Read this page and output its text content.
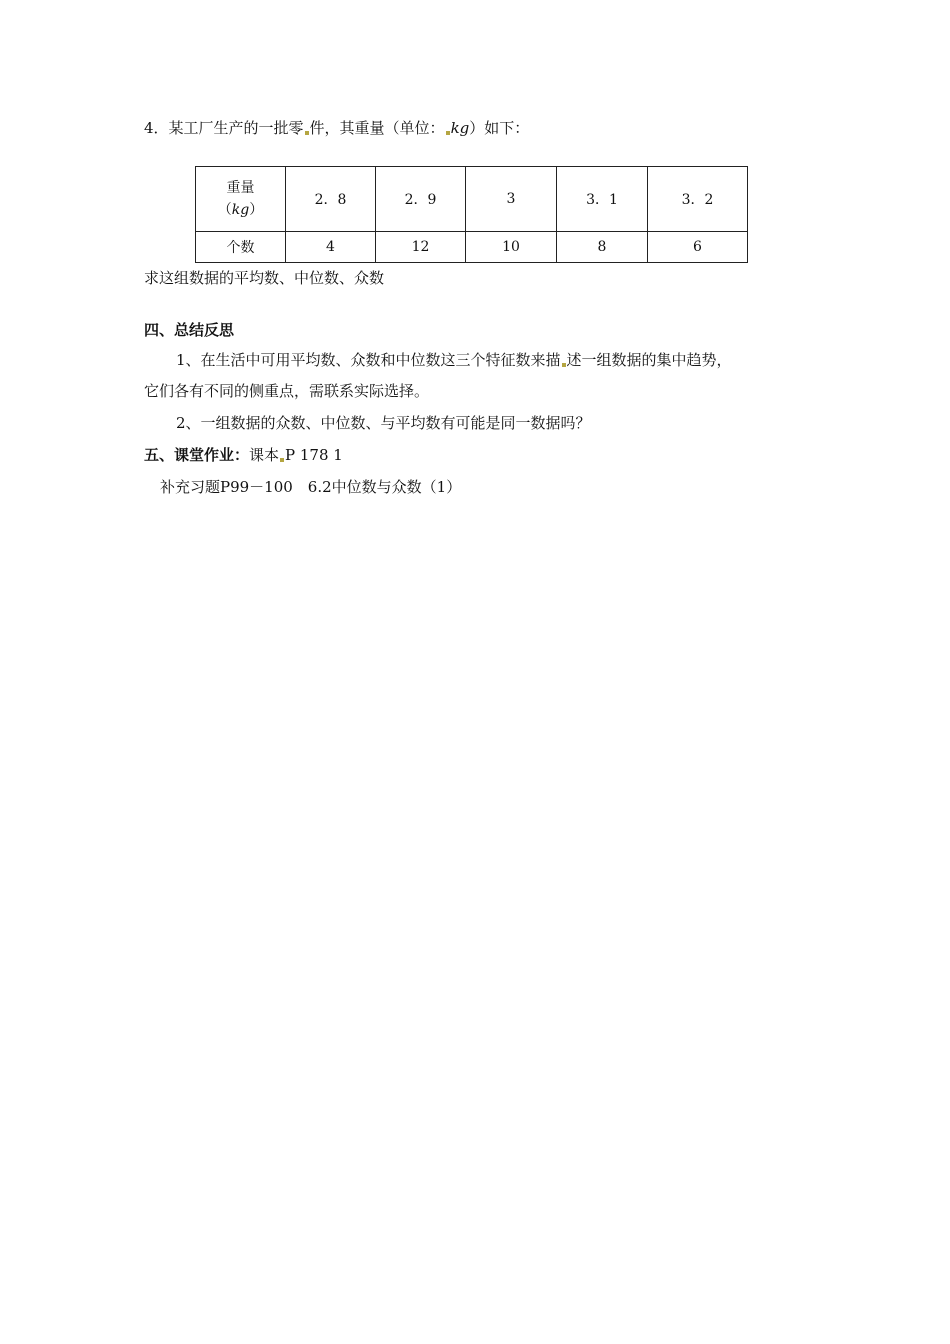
4．某工厂生产的一批零 件，其重量（单位： kg）如下：
重量
（kg）	2．8	2．9	3	3．1	3．2
个数	4	12	10	8	6
求这组数据的平均数、中位数、众数
四、总结反思
1、在生活中可用平均数、众数和中位数这三个特征数来描 述一组数据的集中趋势，
它们各有不同的侧重点，需联系实际选择。
2、一组数据的众数、中位数、与平均数有可能是同一数据吗？
五、课堂作业：课本 P 178 1
补充习题P99－100　6.2中位数与众数（1）
